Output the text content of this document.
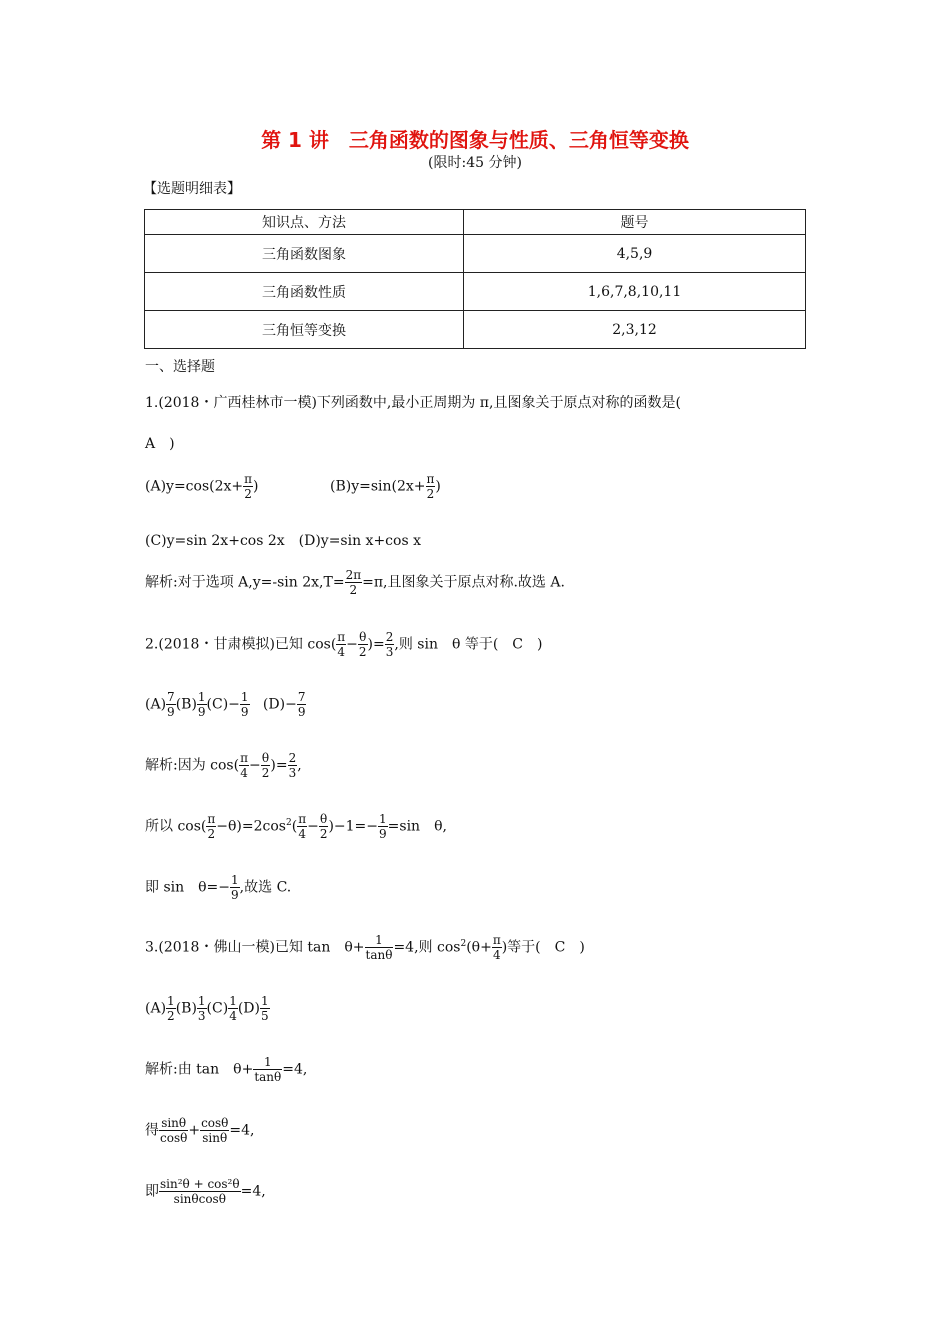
第 1 讲　三角函数的图象与性质、三角恒等变换
(限时:45 分钟)
【选题明细表】
知识点、方法	题号
三角函数图象	4,5,9
三角函数性质	1,6,7,8,10,11
三角恒等变换	2,3,12
一、选择题
1.(2018・广西桂林市一模)下列函数中,最小正周期为 π,且图象关于原点对称的函数是(
A　)
$(A)y=\cos(2x+ \frac{\pi}{2}$ )	$(B)y=\sin(2x+ \frac{\pi}{2}$ )
(C)y=sin 2x+cos 2x　(D)y=sin x+cos x
解析:对于选项 A,y=-sin $2x,T= \frac{2\pi}{2} =\pi$,且图象关于原点对称.故选 A.
2.(2018・甘肃模拟)已知 $\cos( \frac{\pi}{4} - \frac{\theta}{2}$ )= $\frac{2}{3}$ ,则 sin　θ 等于(　C　)
$(A) \frac{7}{9} (B) \frac{1}{9} (C)- \frac{1}{9} (D)- \frac{7}{9}$
解析:因为 $\cos( \frac{\pi}{4} - \frac{\theta}{2}$ )= $\frac{2}{3}$ ,
所以 $\cos( \frac{\pi}{2} -\theta)=2\cos^2( \frac{\pi}{4} - \frac{\theta}{2} )-1=- \frac{1}{9} =\sin$　θ,
即 sin　$\theta=- \frac{1}{9}$ ,故选 C.
3.(2018・佛山一模)已知 tan　$\theta+ \frac{1}{\tan\theta} =4$,则 $\cos^2(\theta+ \frac{\pi}{4}$ )等于(　C　)
$(A) \frac{1}{2} (B) \frac{1}{3} (C) \frac{1}{4} (D) \frac{1}{5}$
解析:由 tan　$\theta+ \frac{1}{\tan\theta} =4$,
得 $\frac{\sin\theta}{\cos\theta} + \frac{\cos\theta}{\sin\theta} =4$,
即 $\frac{\text{sin²θ + cos²θ}}{\sin\theta\cos\theta} =4$,
